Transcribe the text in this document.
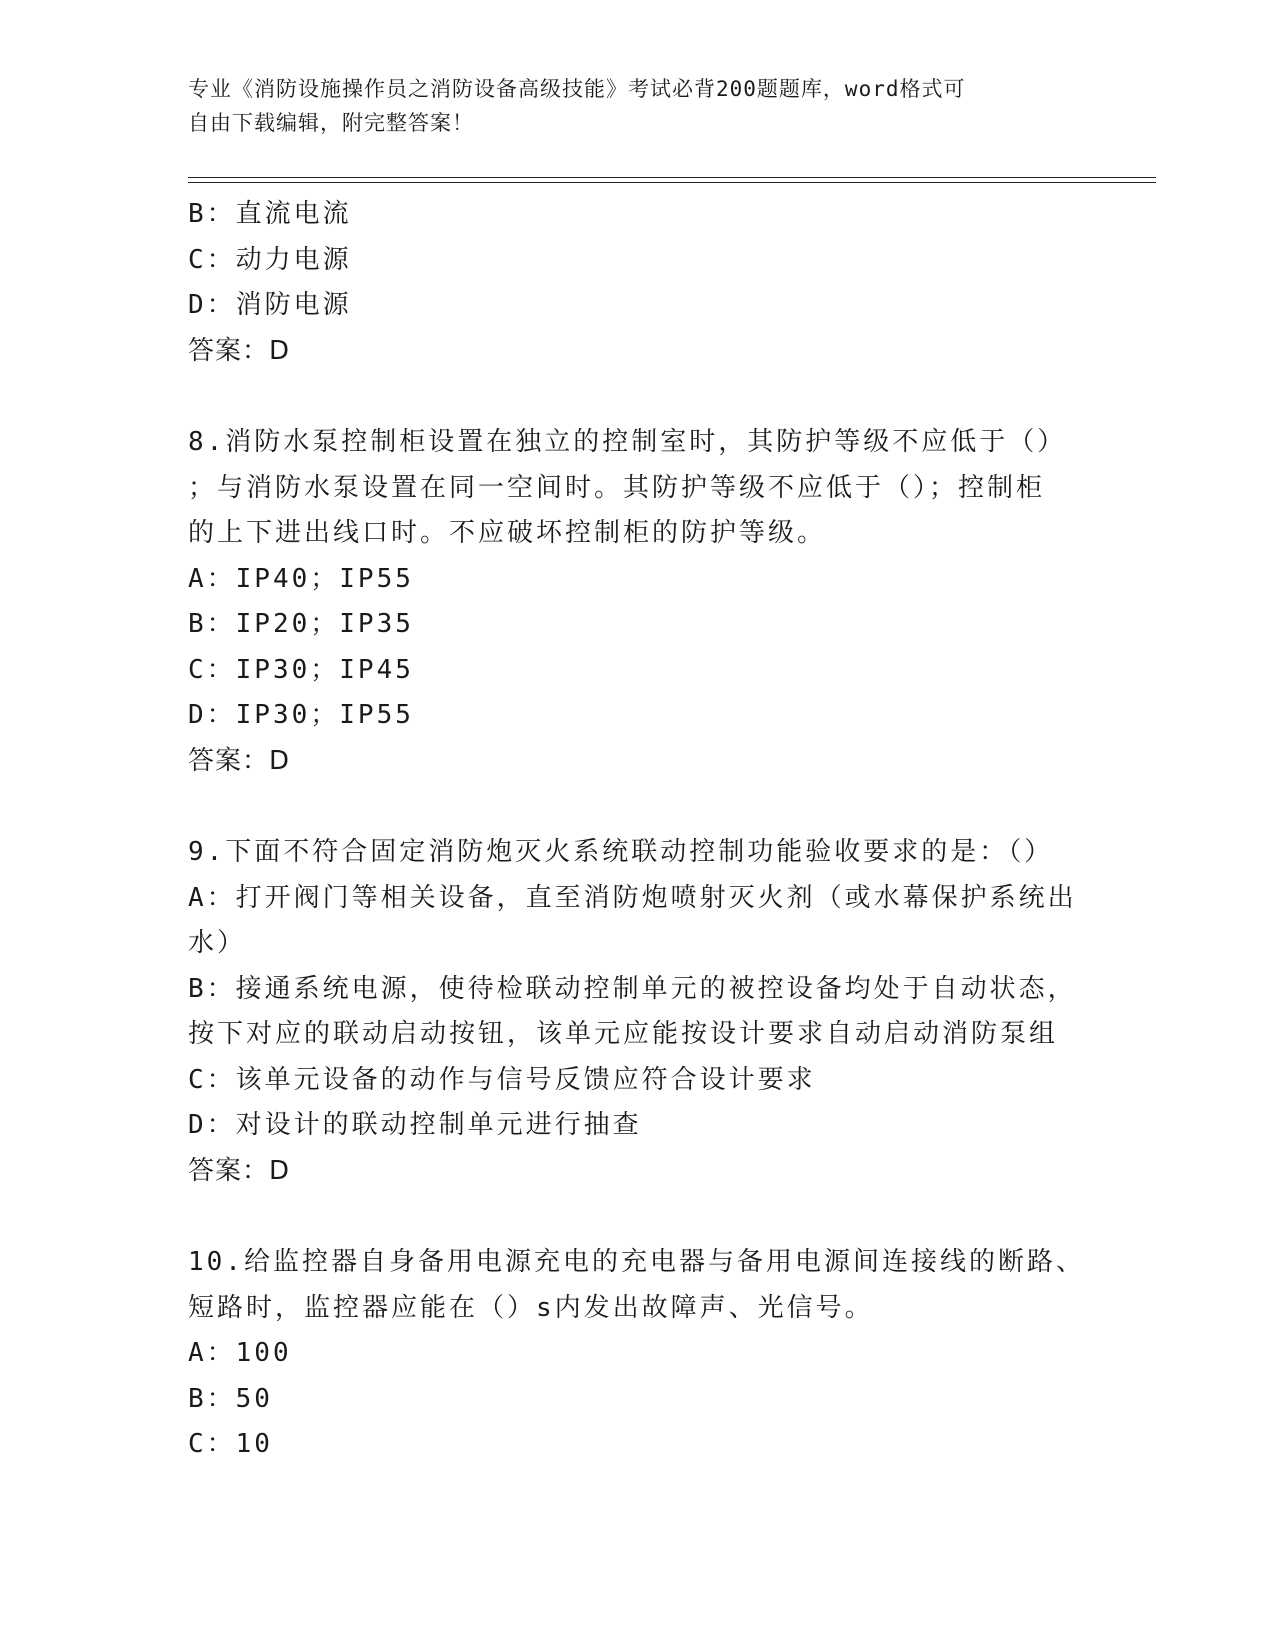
专业《消防设施操作员之消防设备高级技能》考试必背200题题库，word格式可
自由下载编辑，附完整答案！
B：直流电流
C：动力电源
D：消防电源
答案：D
8.消防水泵控制柜设置在独立的控制室时，其防护等级不应低于（）
；与消防水泵设置在同一空间时。其防护等级不应低于（）；控制柜
的上下进出线口时。不应破坏控制柜的防护等级。
A：IP40；IP55
B：IP20；IP35
C：IP30；IP45
D：IP30；IP55
答案：D
9.下面不符合固定消防炮灭火系统联动控制功能验收要求的是：（）
A：打开阀门等相关设备，直至消防炮喷射灭火剂（或水幕保护系统出
水）
B：接通系统电源，使待检联动控制单元的被控设备均处于自动状态，
按下对应的联动启动按钮，该单元应能按设计要求自动启动消防泵组
C：该单元设备的动作与信号反馈应符合设计要求
D：对设计的联动控制单元进行抽查
答案：D
10.给监控器自身备用电源充电的充电器与备用电源间连接线的断路、
短路时，监控器应能在（）s内发出故障声、光信号。
A：100
B：50
C：10
